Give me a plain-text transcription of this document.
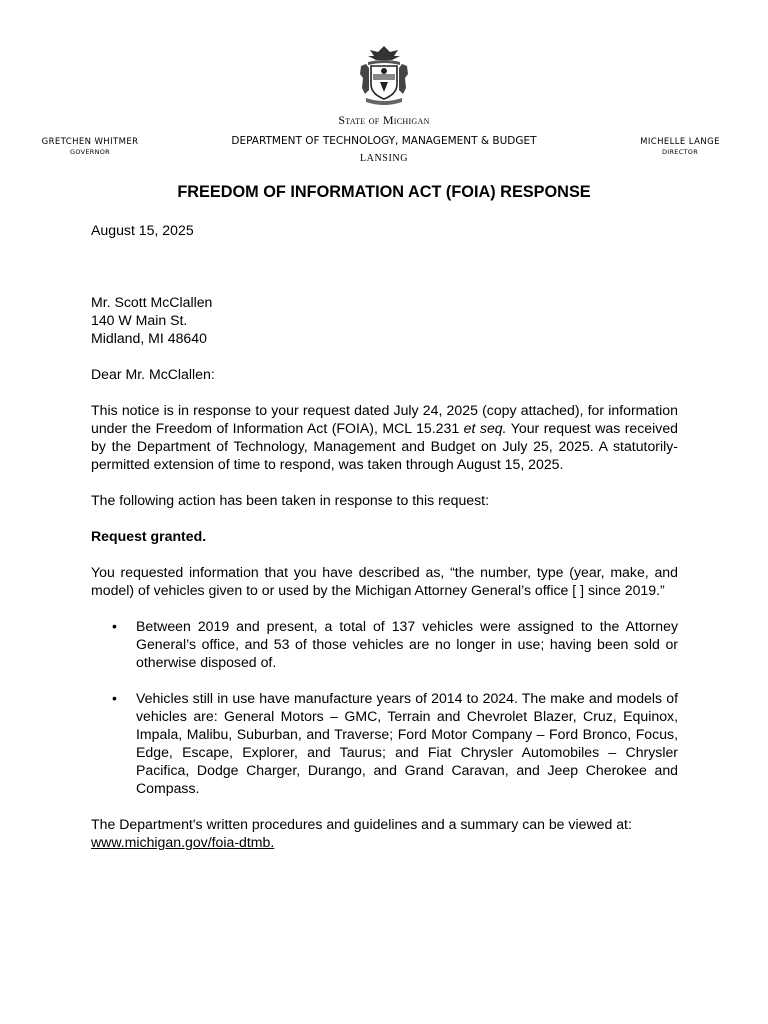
GRETCHEN WHITMER
GOVERNOR
State of Michigan
DEPARTMENT OF TECHNOLOGY, MANAGEMENT & BUDGET
LANSING
MICHELLE LANGE
DIRECTOR
FREEDOM OF INFORMATION ACT (FOIA) RESPONSE

August 15, 2025

Mr. Scott McClallen

140 W Main St.

Midland, MI 48640

Dear Mr. McClallen:

This notice is in response to your request dated July 24, 2025 (copy attached), for information under the Freedom of Information Act (FOIA), MCL 15.231 et seq. Your request was received by the Department of Technology, Management and Budget on July 25, 2025. A statutorily-permitted extension of time to respond, was taken through August 15, 2025.

The following action has been taken in response to this request:

Request granted.

You requested information that you have described as, “the number, type (year, make, and model) of vehicles given to or used by the Michigan Attorney General’s office [ ] since 2019.”

• Between 2019 and present, a total of 137 vehicles were assigned to the Attorney General’s office, and 53 of those vehicles are no longer in use; having been sold or otherwise disposed of.
• Vehicles still in use have manufacture years of 2014 to 2024. The make and models of vehicles are: General Motors – GMC, Terrain and Chevrolet Blazer, Cruz, Equinox, Impala, Malibu, Suburban, and Traverse; Ford Motor Company – Ford Bronco, Focus, Edge, Escape, Explorer, and Taurus; and Fiat Chrysler Automobiles – Chrysler Pacifica, Dodge Charger, Durango, and Grand Caravan, and Jeep Cherokee and Compass.

The Department's written procedures and guidelines and a summary can be viewed at:
www.michigan.gov/foia-dtmb.
